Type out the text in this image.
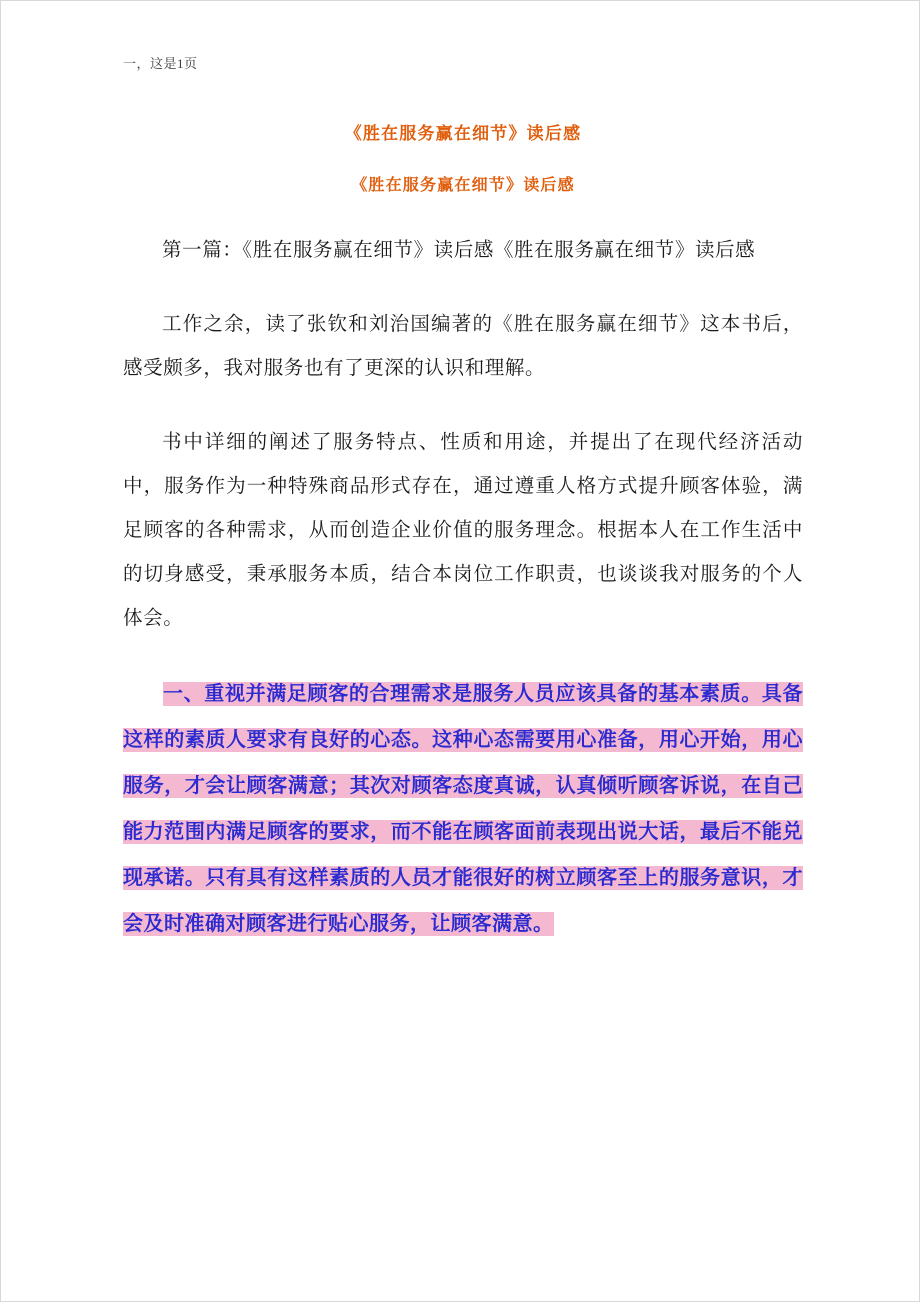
一，这是1页
《胜在服务赢在细节》读后感
《胜在服务赢在细节》读后感

第一篇：《胜在服务赢在细节》读后感《胜在服务赢在细节》读后感

工作之余，读了张钦和刘治国编著的《胜在服务赢在细节》这本书后，感受颇多，我对服务也有了更深的认识和理解。

书中详细的阐述了服务特点、性质和用途，并提出了在现代经济活动中，服务作为一种特殊商品形式存在，通过遵重人格方式提升顾客体验，满足顾客的各种需求，从而创造企业价值的服务理念。根据本人在工作生活中的切身感受，秉承服务本质，结合本岗位工作职责，也谈谈我对服务的个人体会。

一、重视并满足顾客的合理需求是服务人员应该具备的基本素质。具备这样的素质人要求有良好的心态。这种心态需要用心准备，用心开始，用心服务，才会让顾客满意；其次对顾客态度真诚，认真倾听顾客诉说，在自己能力范围内满足顾客的要求，而不能在顾客面前表现出说大话，最后不能兑现承诺。只有具有这样素质的人员才能很好的树立顾客至上的服务意识，才会及时准确对顾客进行贴心服务，让顾客满意。
